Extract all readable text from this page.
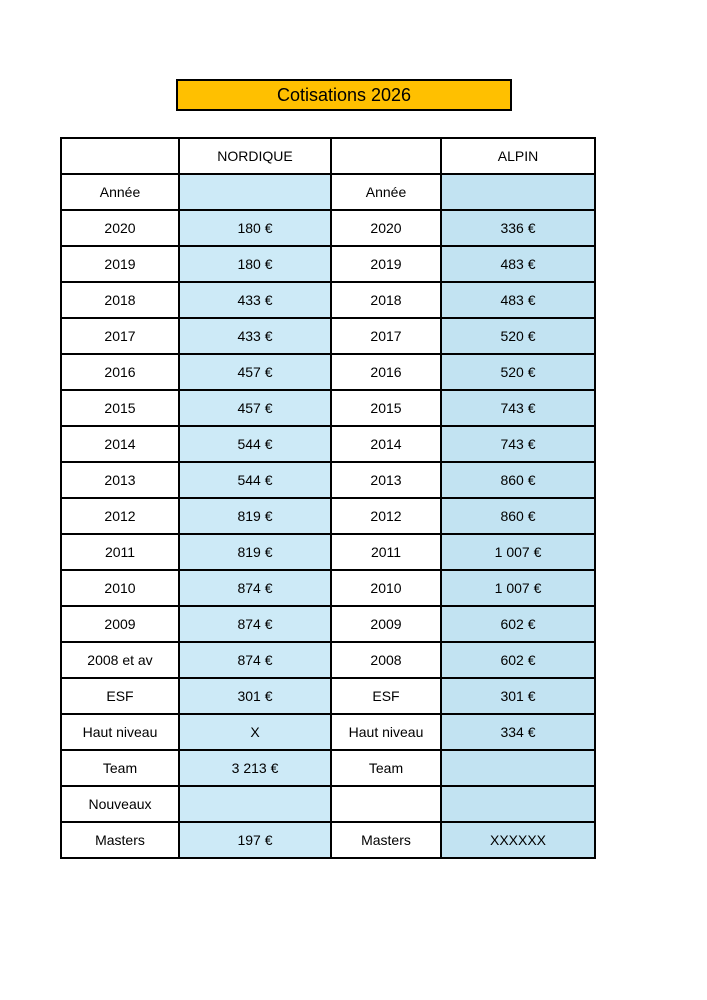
Cotisations 2026
	NORDIQUE		ALPIN
Année		Année	
2020	180 €	2020	336 €
2019	180 €	2019	483 €
2018	433 €	2018	483 €
2017	433 €	2017	520 €
2016	457 €	2016	520 €
2015	457 €	2015	743 €
2014	544 €	2014	743 €
2013	544 €	2013	860 €
2012	819 €	2012	860 €
2011	819 €	2011	1 007 €
2010	874 €	2010	1 007 €
2009	874 €	2009	602 €
2008 et av	874 €	2008	602 €
ESF	301 €	ESF	301 €
Haut niveau	X	Haut niveau	334 €
Team	3 213 €	Team	
Nouveaux			
Masters	197 €	Masters	XXXXXX
